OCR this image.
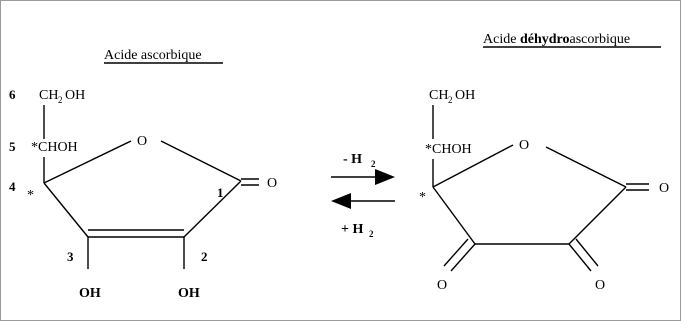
Acide ascorbique
6
5
4
CH 2 OH
*CHOH
*
O
1
O
3	2
OH	OH
- H 2
+ H 2
Acide déhydroascorbique
CH 2 OH
*CHOH
*
O
O
O	O
